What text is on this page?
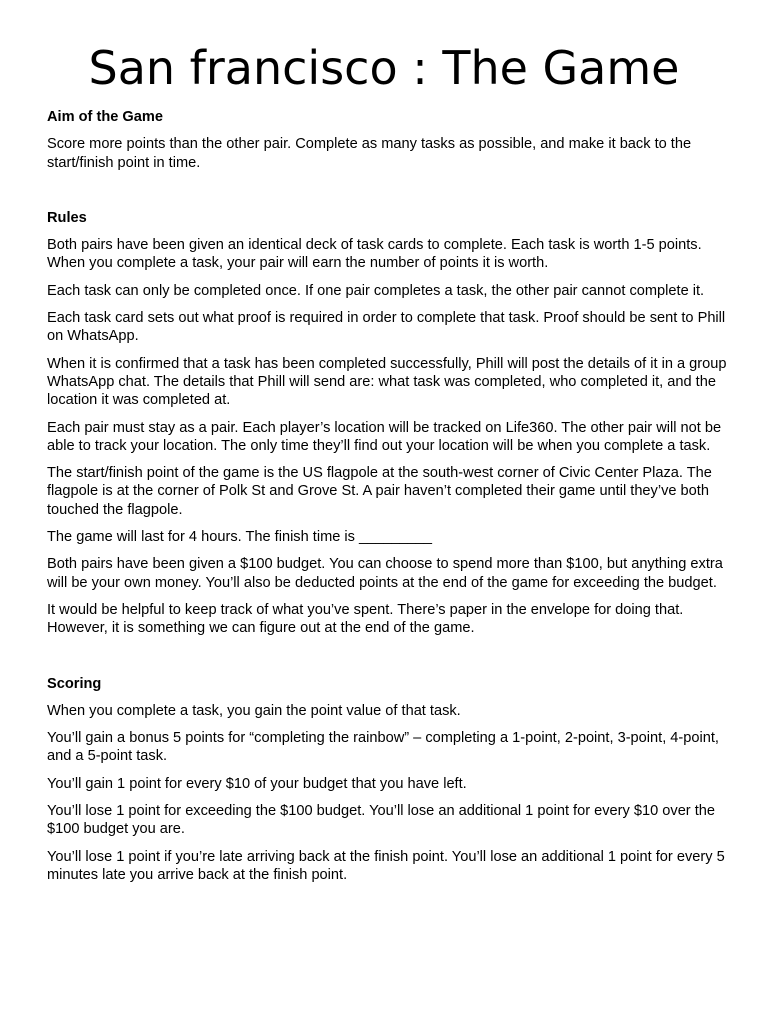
San francisco : The Game

Aim of the Game

Score more points than the other pair. Complete as many tasks as possible, and make it back to the start/finish point in time.

Rules

Both pairs have been given an identical deck of task cards to complete. Each task is worth 1-5 points. When you complete a task, your pair will earn the number of points it is worth.

Each task can only be completed once. If one pair completes a task, the other pair cannot complete it.

Each task card sets out what proof is required in order to complete that task. Proof should be sent to Phill on WhatsApp.

When it is confirmed that a task has been completed successfully, Phill will post the details of it in a group WhatsApp chat. The details that Phill will send are: what task was completed, who completed it, and the location it was completed at.

Each pair must stay as a pair. Each player’s location will be tracked on Life360. The other pair will not be able to track your location. The only time they’ll find out your location will be when you complete a task.

The start/finish point of the game is the US flagpole at the south-west corner of Civic Center Plaza. The flagpole is at the corner of Polk St and Grove St. A pair haven’t completed their game until they’ve both touched the flagpole.

The game will last for 4 hours. The finish time is _________

Both pairs have been given a $100 budget. You can choose to spend more than $100, but anything extra will be your own money. You’ll also be deducted points at the end of the game for exceeding the budget.

It would be helpful to keep track of what you’ve spent. There’s paper in the envelope for doing that. However, it is something we can figure out at the end of the game.

Scoring

When you complete a task, you gain the point value of that task.

You’ll gain a bonus 5 points for “completing the rainbow” – completing a 1-point, 2-point, 3-point, 4-point, and a 5-point task.

You’ll gain 1 point for every $10 of your budget that you have left.

You’ll lose 1 point for exceeding the $100 budget. You’ll lose an additional 1 point for every $10 over the $100 budget you are.

You’ll lose 1 point if you’re late arriving back at the finish point. You’ll lose an additional 1 point for every 5 minutes late you arrive back at the finish point.
